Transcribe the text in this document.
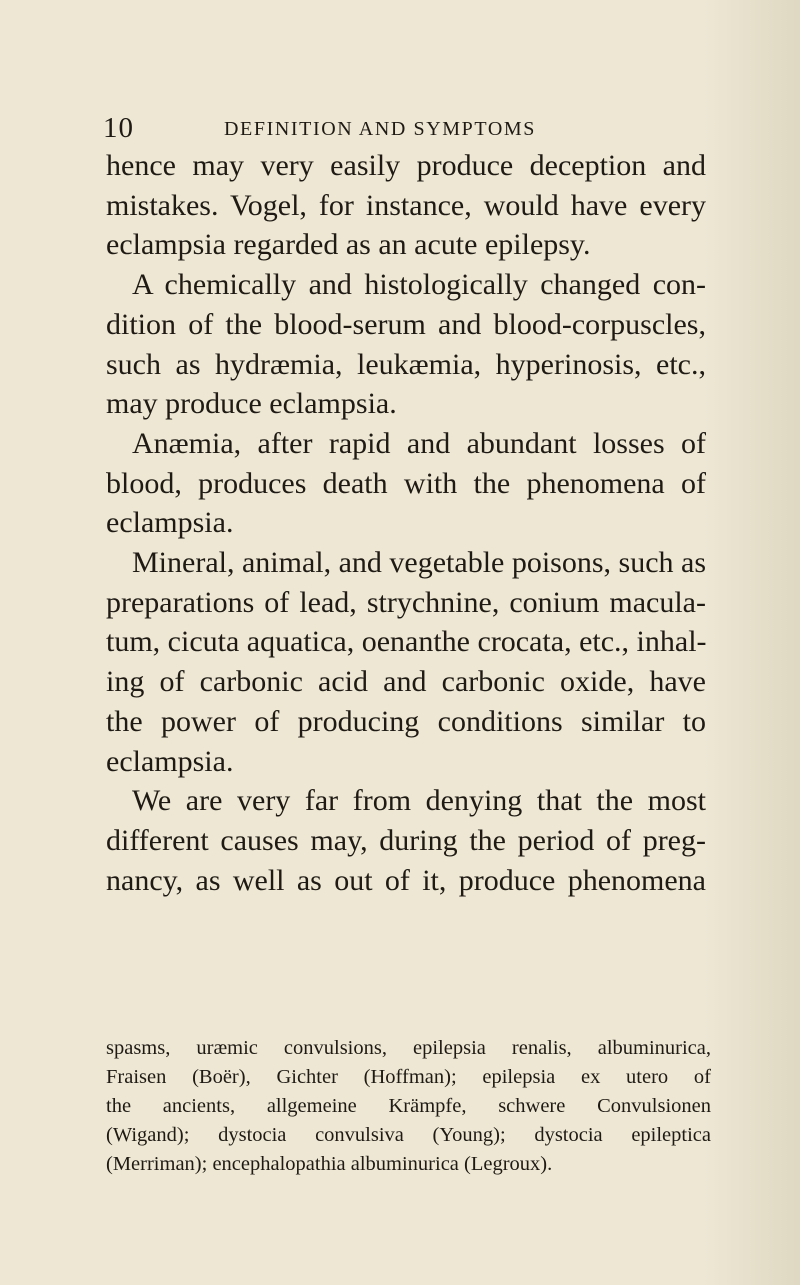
10	DEFINITION AND SYMPTOMS
hence may very easily produce deception and
mistakes. Vogel, for instance, would have every
eclampsia regarded as an acute epilepsy.
A chemically and histologically changed con-
dition of the blood-serum and blood-corpuscles,
such as hydræmia, leukæmia, hyperinosis, etc.,
may produce eclampsia.
Anæmia, after rapid and abundant losses of
blood, produces death with the phenomena of
eclampsia.
Mineral, animal, and vegetable poisons, such as
preparations of lead, strychnine, conium macula-
tum, cicuta aquatica, oenanthe crocata, etc., inhal-
ing of carbonic acid and carbonic oxide, have
the power of producing conditions similar to
eclampsia.
We are very far from denying that the most
different causes may, during the period of preg-
nancy, as well as out of it, produce phenomena
spasms, uræmic convulsions, epilepsia renalis, albuminurica,
Fraisen (Boër), Gichter (Hoffman); epilepsia ex utero of
the ancients, allgemeine Krämpfe, schwere Convulsionen
(Wigand); dystocia convulsiva (Young); dystocia epileptica
(Merriman); encephalopathia albuminurica (Legroux).
